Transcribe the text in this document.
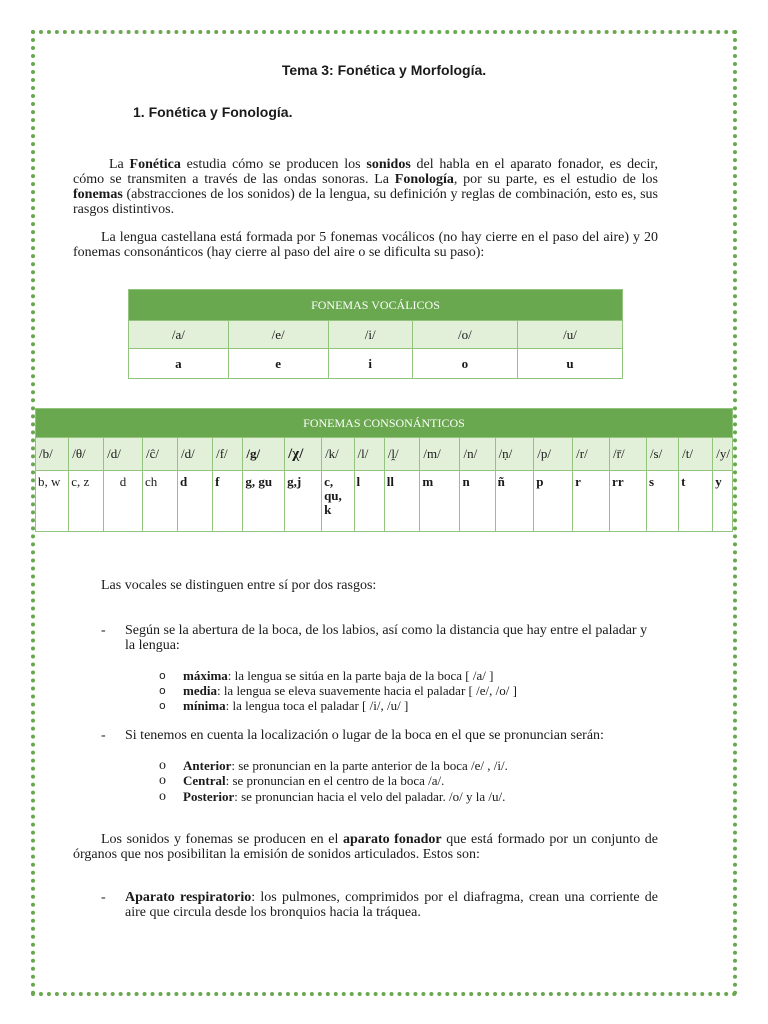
Tema 3: Fonética y Morfología.
1. Fonética y Fonología.
La Fonética estudia cómo se producen los sonidos del habla en el aparato fonador, es decir, cómo se transmiten a través de las ondas sonoras. La Fonología, por su parte, es el estudio de los fonemas (abstracciones de los sonidos) de la lengua, su definición y reglas de combinación, esto es, sus rasgos distintivos.
La lengua castellana está formada por 5 fonemas vocálicos (no hay cierre en el paso del aire) y 20 fonemas consonánticos (hay cierre al paso del aire o se dificulta su paso):
FONEMAS VOCÁLICOS				
/a/	/e/	/i/	/o/	/u/
a	e	i	o	u
FONEMAS CONSONÁNTICOS																			
/b/	/θ/	/d/	/ĉ/	/d/	/f/	/g/	/χ/	/k/	/l/	/ḽ/	/m/	/n/	/ṇ/	/p/	/r/	/r̄/	/s/	/t/	/y/
b, w	c, z	d	ch	d	f	g, gu	g,j	c, qu, k	l	ll	m	n	ñ	p	r	rr	s	t	y
Las vocales se distinguen entre sí por dos rasgos:
- Según se la abertura de la boca, de los labios, así como la distancia que hay entre el paladar y la lengua:
o máxima: la lengua se sitúa en la parte baja de la boca [ /a/ ]
o media: la lengua se eleva suavemente hacia el paladar [ /e/, /o/ ]
o mínima: la lengua toca el paladar [ /i/, /u/ ]
- Si tenemos en cuenta la localización o lugar de la boca en el que se pronuncian serán:
o Anterior: se pronuncian en la parte anterior de la boca /e/ , /i/.
o Central: se pronuncian en el centro de la boca /a/.
o Posterior: se pronuncian hacia el velo del paladar. /o/ y la /u/.
Los sonidos y fonemas se producen en el aparato fonador que está formado por un conjunto de órganos que nos posibilitan la emisión de sonidos articulados. Estos son:
- Aparato respiratorio: los pulmones, comprimidos por el diafragma, crean una corriente de aire que circula desde los bronquios hacia la tráquea.
